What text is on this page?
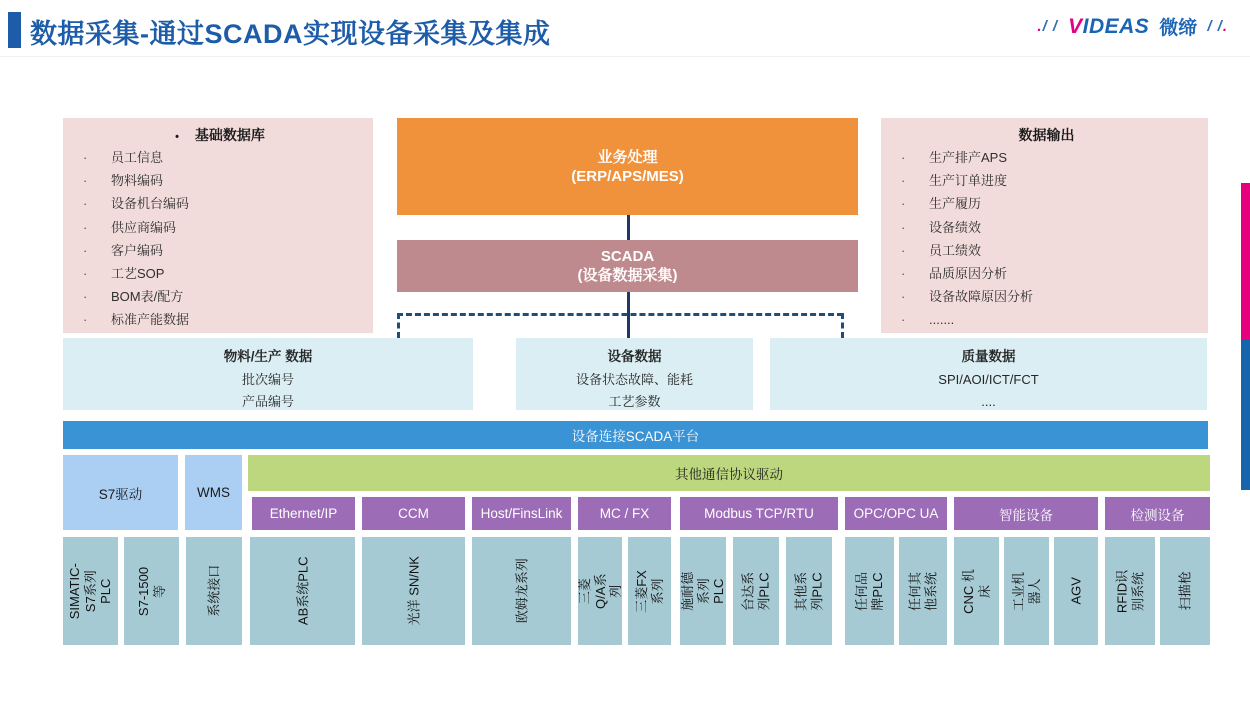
数据采集-通过SCADA实现设备采集及集成	./ / VIDEAS 微缔 / /.
• 基础数据库
· 员工信息
· 物料编码
· 设备机台编码
· 供应商编码
· 客户编码
· 工艺SOP
· BOM表/配方
· 标准产能数据
业务处理
(ERP/APS/MES)
SCADA
(设备数据采集)
数据输出
· 生产排产APS
· 生产订单进度
· 生产履历
· 设备绩效
· 员工绩效
· 品质原因分析
· 设备故障原因分析
· .......
物料/生产 数据
批次编号
产品编号
设备数据
设备状态故障、能耗
工艺参数
质量数据
SPI/AOI/ICT/FCT
....
设备连接SCADA平台
S7驱动	WMS
其他通信协议驱动
Ethernet/IP	CCM	Host/FinsLink	MC / FX	Modbus TCP/RTU	OPC/OPC UA	智能设备	检测设备
SIMATIC-S7系列PLC S7-1500等	系统接口	AB系统PLC	光洋 SN/NK	欧姆龙系列	三菱Q/A系列 三菱FX系列 施耐德系列PLC 台达系列PLC 其他系列PLC 任何品牌PLC 任何其他系统 CNC 机床 工业机器人 AGV RFID识别系统 扫描枪
